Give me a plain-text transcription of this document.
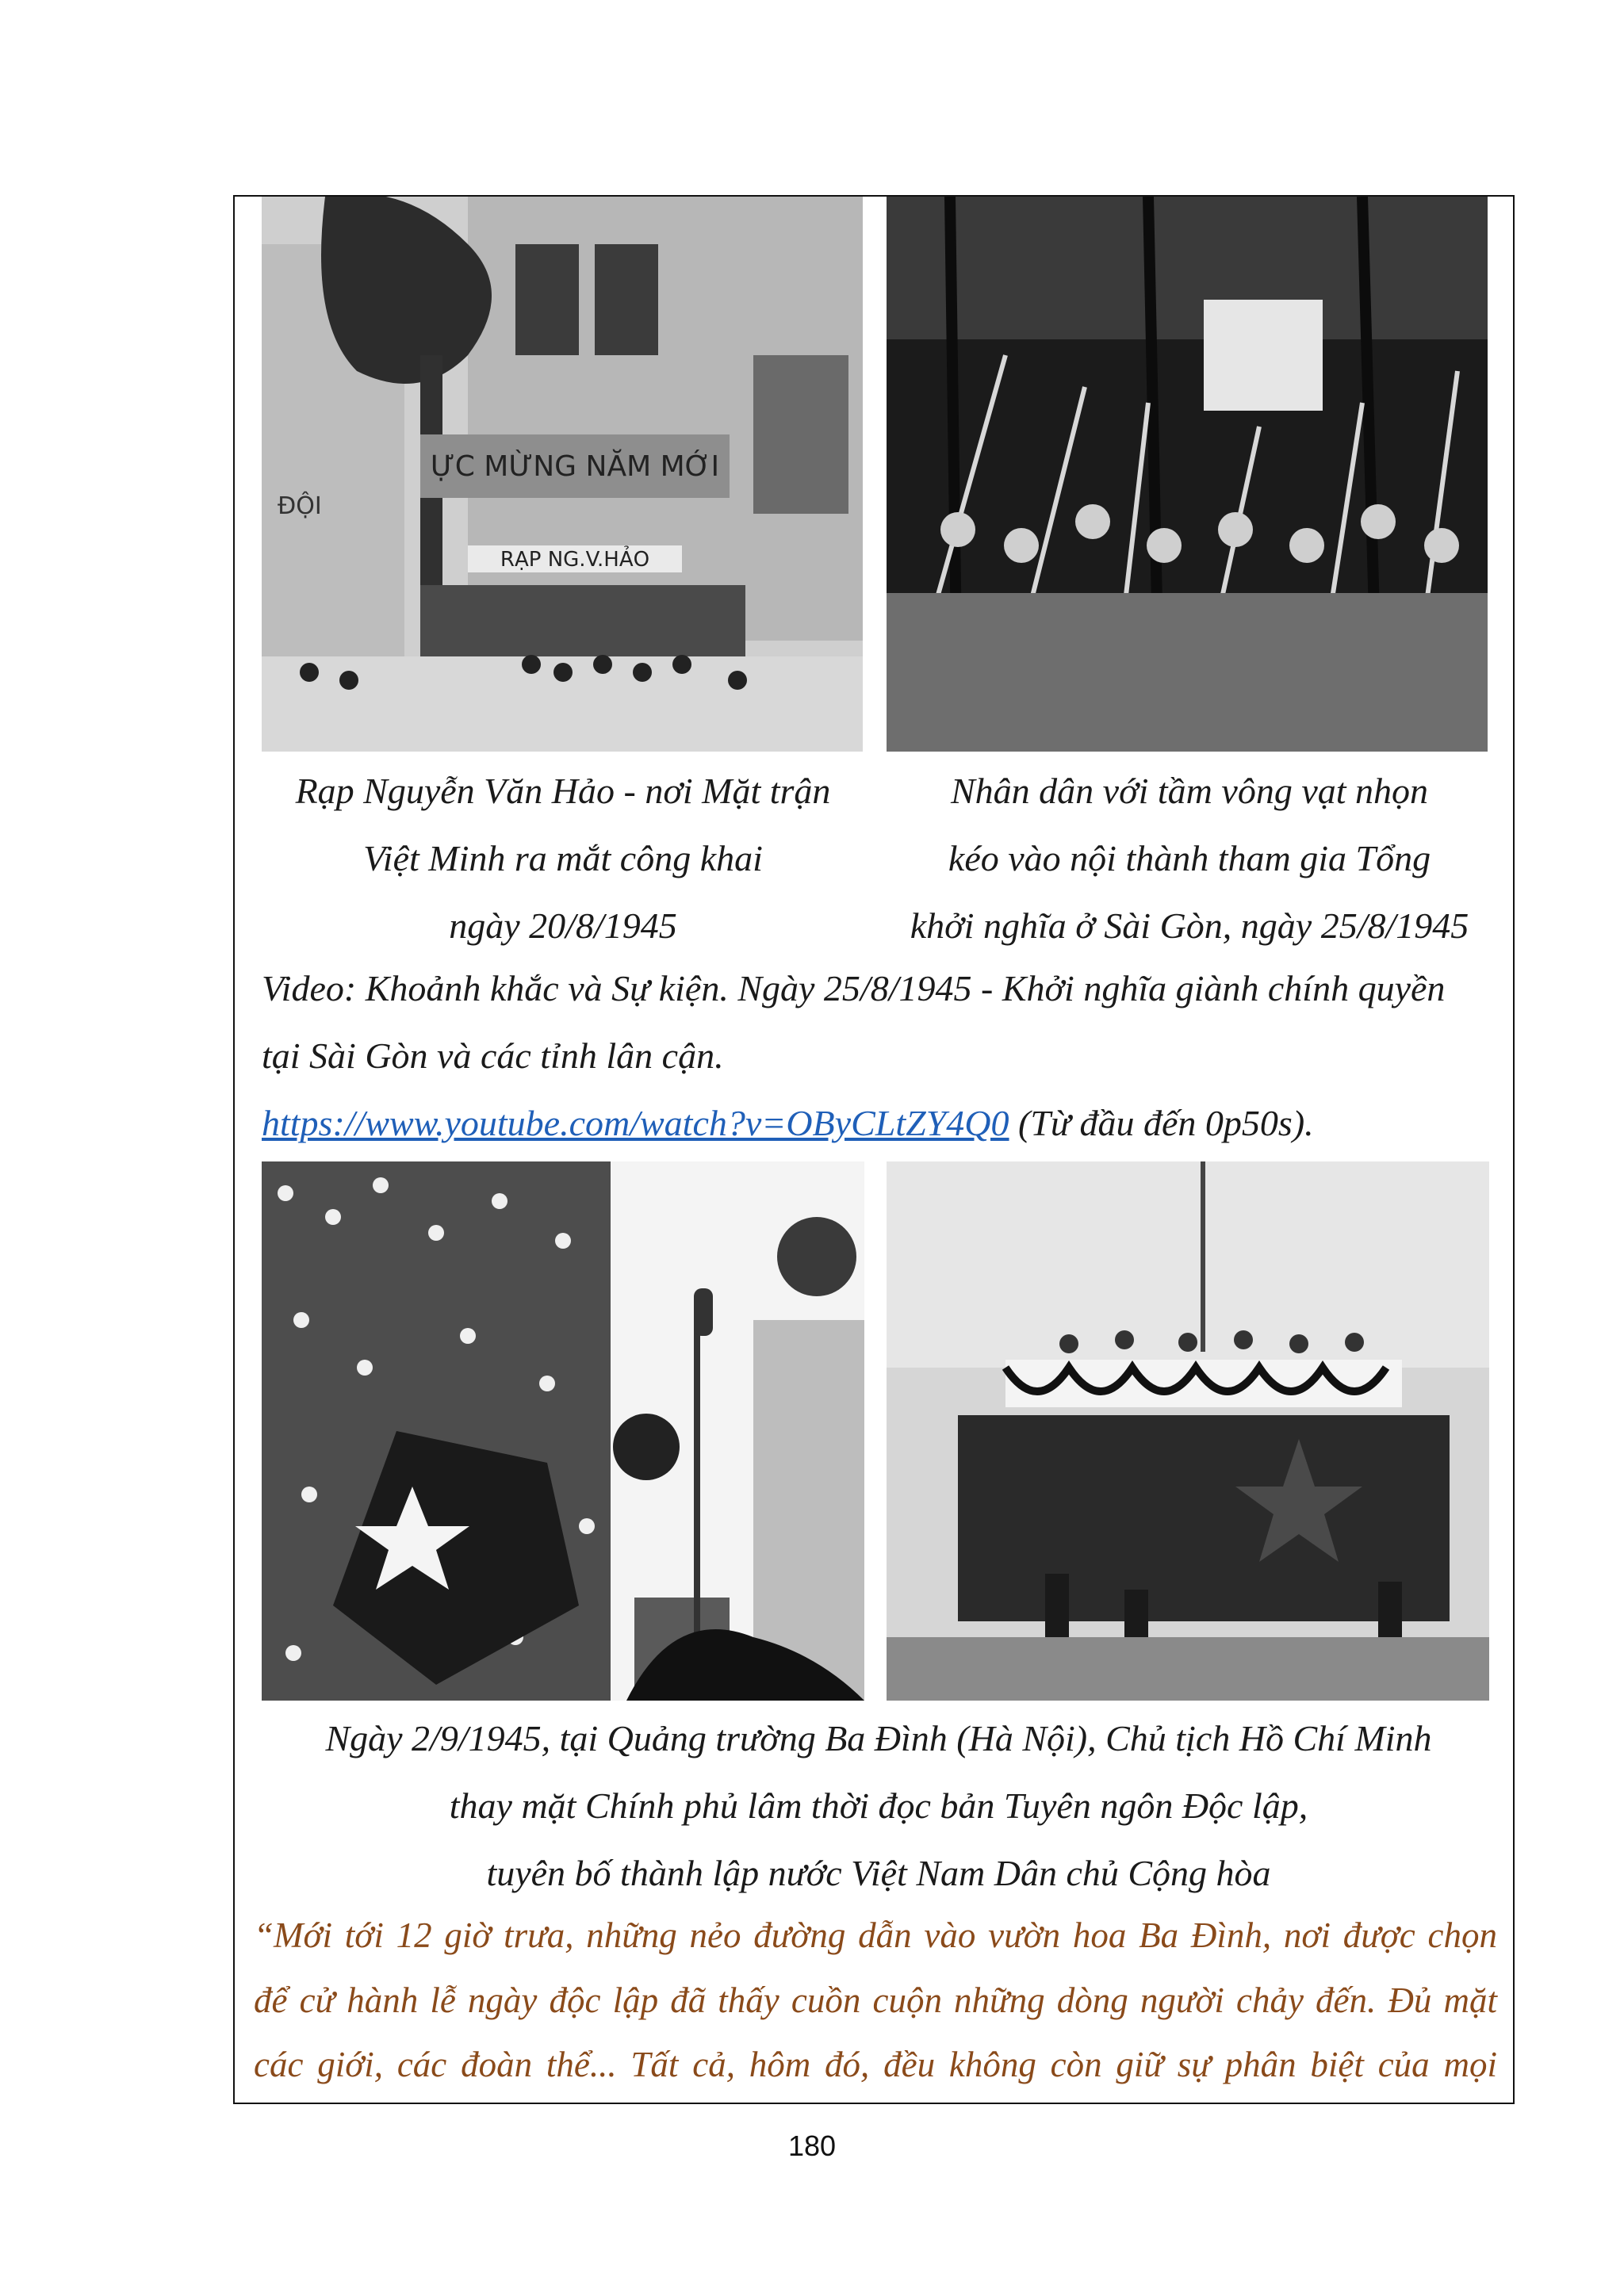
ỰC MỪNG NĂM MỚI
RẠP NG.V.HẢO
ĐỘI
Rạp Nguyễn Văn Hảo - nơi Mặt trận
Việt Minh ra mắt công khai
ngày 20/8/1945
Nhân dân với tầm vông vạt nhọn
kéo vào nội thành tham gia Tổng
khởi nghĩa ở Sài Gòn, ngày 25/8/1945
Video: Khoảnh khắc và Sự kiện. Ngày 25/8/1945 - Khởi nghĩa giành chính quyền
tại Sài Gòn và các tỉnh lân cận.
https://www.youtube.com/watch?v=OByCLtZY4Q0 (Từ đầu đến 0p50s).
Ngày 2/9/1945, tại Quảng trường Ba Đình (Hà Nội), Chủ tịch Hồ Chí Minh
thay mặt Chính phủ lâm thời đọc bản Tuyên ngôn Độc lập,
tuyên bố thành lập nước Việt Nam Dân chủ Cộng hòa
“Mới tới 12 giờ trưa, những nẻo đường dẫn vào vườn hoa Ba Đình, nơi được chọn
để cử hành lễ ngày độc lập đã thấy cuồn cuộn những dòng người chảy đến. Đủ mặt
các giới, các đoàn thể... Tất cả, hôm đó, đều không còn giữ sự phân biệt của mọi
180
